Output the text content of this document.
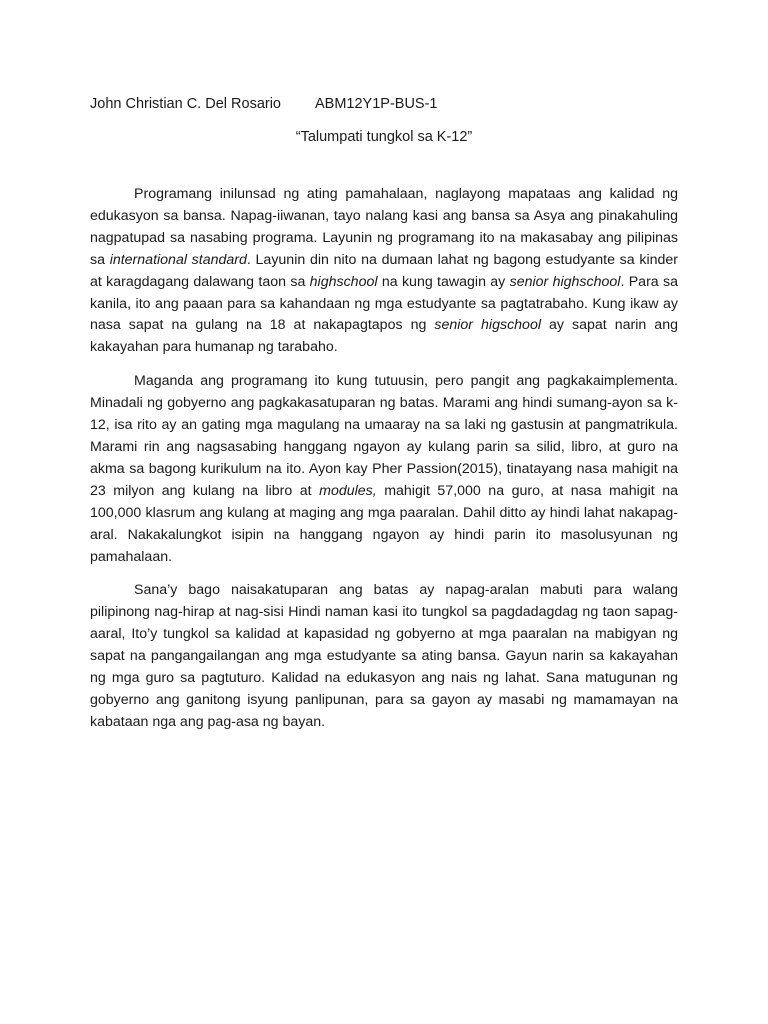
John Christian C. Del Rosario ABM12Y1P-BUS-1
“Talumpati tungkol sa K-12”

Programang inilunsad ng ating pamahalaan, naglayong mapataas ang kalidad ng edukasyon sa bansa. Napag-iiwanan, tayo nalang kasi ang bansa sa Asya ang pinakahuling nagpatupad sa nasabing programa. Layunin ng programang ito na makasabay ang pilipinas sa international standard. Layunin din nito na dumaan lahat ng bagong estudyante sa kinder at karagdagang dalawang taon sa highschool na kung tawagin ay senior highschool. Para sa kanila, ito ang paaan para sa kahandaan ng mga estudyante sa pagtatrabaho. Kung ikaw ay nasa sapat na gulang na 18 at nakapagtapos ng senior higschool ay sapat narin ang kakayahan para humanap ng tarabaho.

Maganda ang programang ito kung tutuusin, pero pangit ang pagkakaimplementa. Minadali ng gobyerno ang pagkakasatuparan ng batas. Marami ang hindi sumang-ayon sa k-12, isa rito ay an gating mga magulang na umaaray na sa laki ng gastusin at pangmatrikula. Marami rin ang nagsasabing hanggang ngayon ay kulang parin sa silid, libro, at guro na akma sa bagong kurikulum na ito. Ayon kay Pher Passion(2015), tinatayang nasa mahigit na 23 milyon ang kulang na libro at modules, mahigit 57,000 na guro, at nasa mahigit na 100,000 klasrum ang kulang at maging ang mga paaralan. Dahil ditto ay hindi lahat nakapag-aral. Nakakalungkot isipin na hanggang ngayon ay hindi parin ito masolusyunan ng pamahalaan.

Sana’y bago naisakatuparan ang batas ay napag-aralan mabuti para walang pilipinong nag-hirap at nag-sisi Hindi naman kasi ito tungkol sa pagdadagdag ng taon sapag-aaral, Ito’y tungkol sa kalidad at kapasidad ng gobyerno at mga paaralan na mabigyan ng sapat na pangangailangan ang mga estudyante sa ating bansa. Gayun narin sa kakayahan ng mga guro sa pagtuturo. Kalidad na edukasyon ang nais ng lahat. Sana matugunan ng gobyerno ang ganitong isyung panlipunan, para sa gayon ay masabi ng mamamayan na kabataan nga ang pag-asa ng bayan.
